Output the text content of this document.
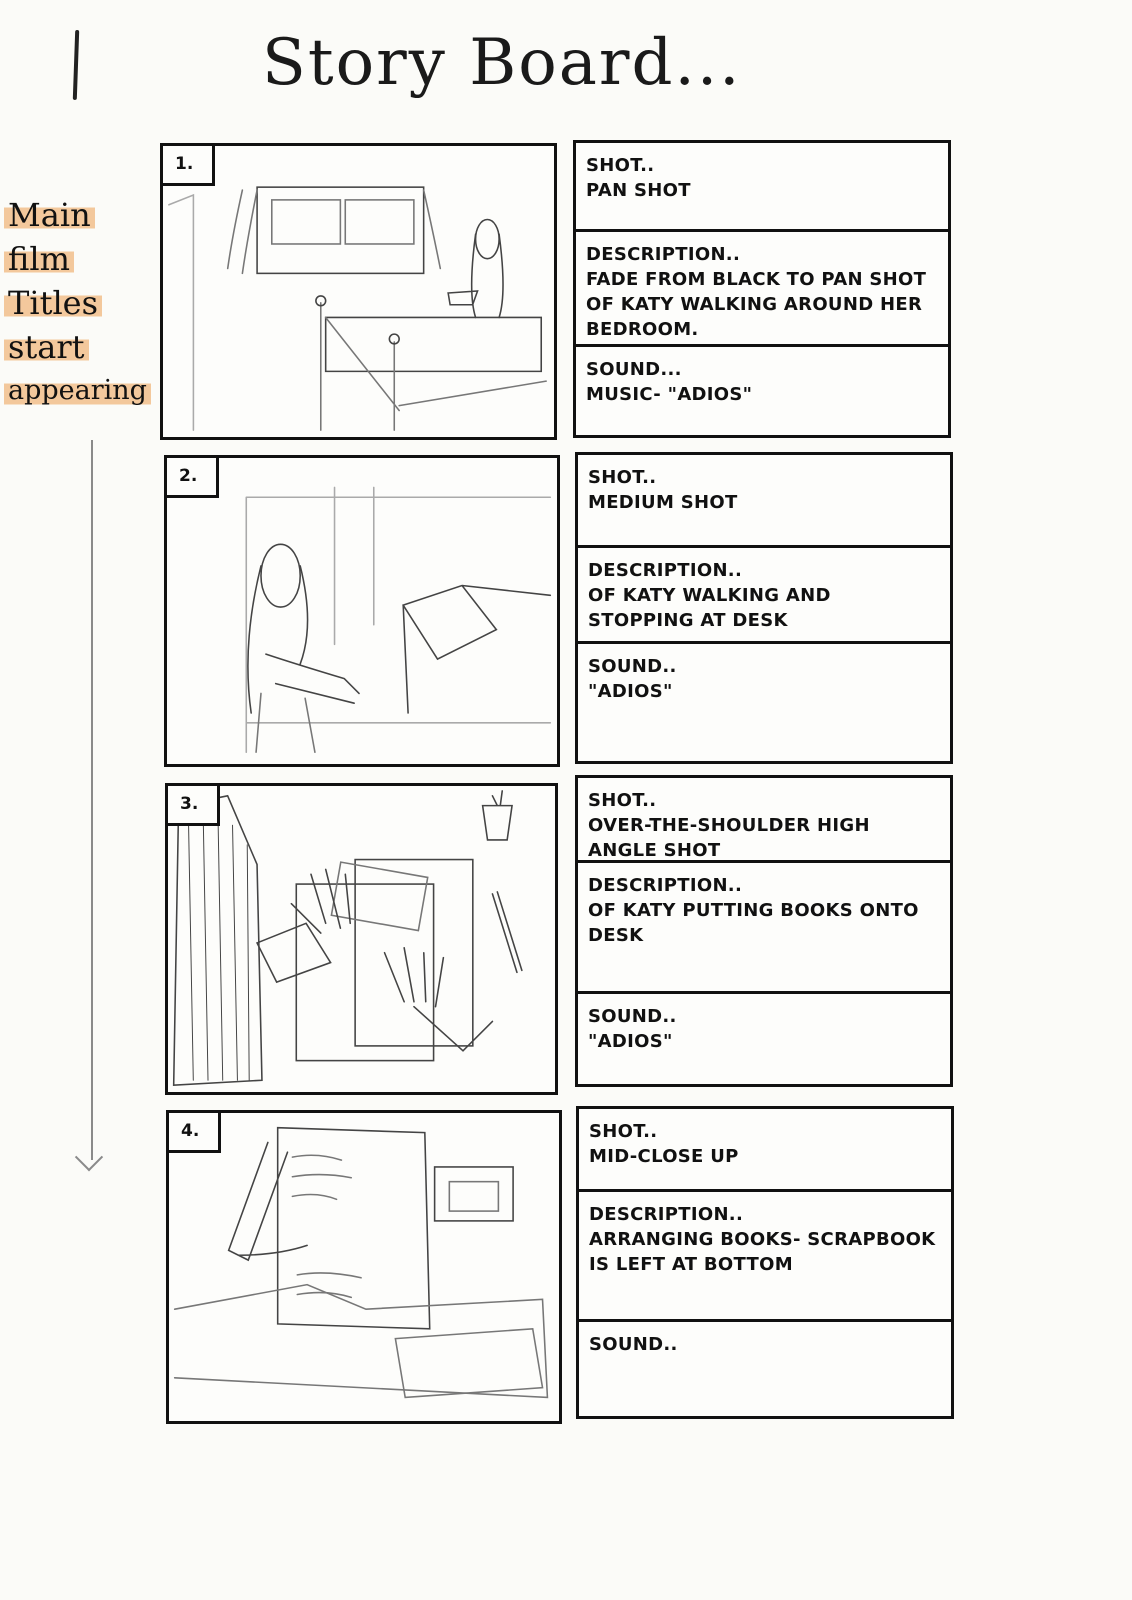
Story Board...
Main
film
Titles
start
appearing
1.	SHOT..
PAN SHOT
DESCRIPTION..
FADE FROM BLACK TO PAN SHOT OF KATY WALKING AROUND HER BEDROOM.
SOUND...
MUSIC- "ADIOS"
2.	SHOT..
MEDIUM SHOT
DESCRIPTION..
OF KATY WALKING AND STOPPING AT DESK
SOUND..
"ADIOS"
3.	SHOT..
OVER-THE-SHOULDER HIGH ANGLE SHOT
DESCRIPTION..
OF KATY PUTTING BOOKS ONTO DESK
SOUND..
"ADIOS"
4.	SHOT..
MID-CLOSE UP
DESCRIPTION..
ARRANGING BOOKS- SCRAPBOOK IS LEFT AT BOTTOM
SOUND..
